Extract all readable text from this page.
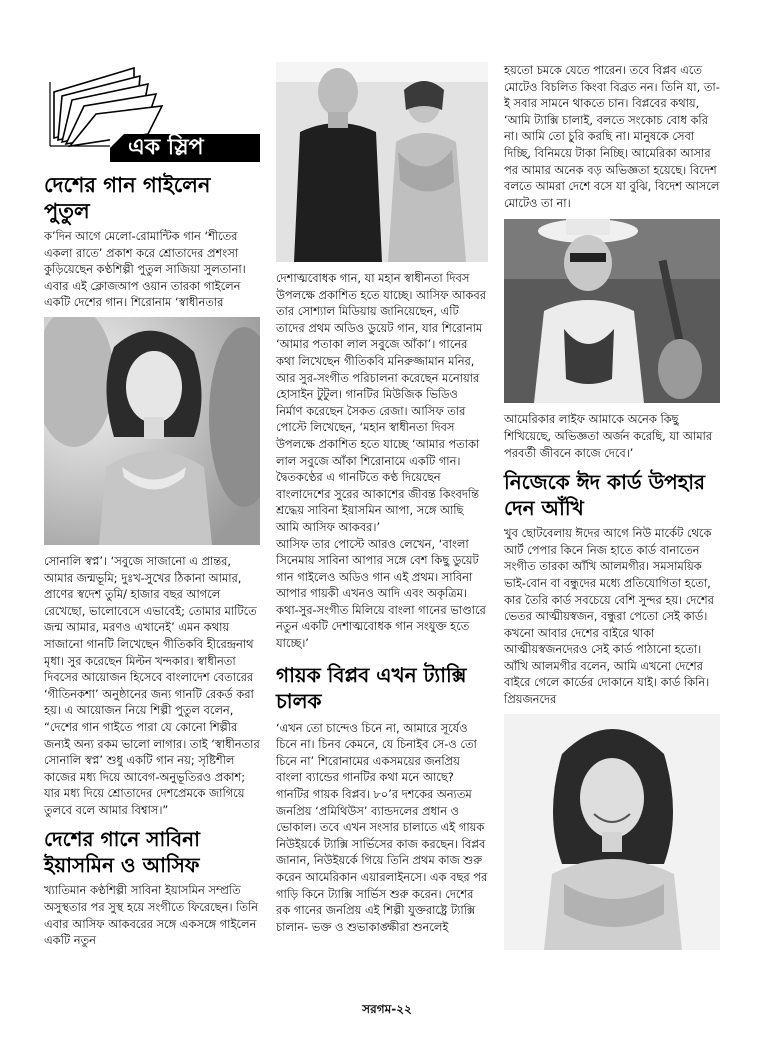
এক স্লিপ
দেশের গান গাইলেন পুতুল

ক’দিন আগে মেলো-রোমান্টিক গান ‘শীতের একলা রাতে’ প্রকাশ করে শ্রোতাদের প্রশংসা কুড়িয়েছেন কণ্ঠশিল্পী পুতুল সাজিয়া সুলতানা। এবার এই ক্লোজআপ ওয়ান তারকা গাইলেন একটি দেশের গান। শিরোনাম ‘স্বাধীনতার

সোনালি স্বপ্ন’। ‘সবুজে সাজানো এ প্রান্তর, আমার জন্মভূমি; দুঃখ-সুখের ঠিকানা আমার, প্রাণের স্বদেশ তুমি/ হাজার বছর আগলে রেখেছো, ভালোবেসে এভাবেই; তোমার মাটিতে জন্ম আমার, মরণও এখানেই’ এমন কথায় সাজানো গানটি লিখেছেন গীতিকবি হীরেন্দ্রনাথ মৃধা। সুর করেছেন মিল্টন খন্দকার। স্বাধীনতা দিবসের আয়োজন হিসেবে বাংলাদেশ বেতারের ‘গীতিনকশা’ অনুষ্ঠানের জন্য গানটি রেকর্ড করা হয়। এ আয়োজন নিয়ে শিল্পী পুতুল বলেন, “দেশের গান গাইতে পারা যে কোনো শিল্পীর জন্যই অন্য রকম ভালো লাগার। তাই ‘স্বাধীনতার সোনালি স্বপ্ন’ শুধু একটি গান নয়; সৃষ্টিশীল কাজের মধ্য দিয়ে আবেগ-অনুভূতিরও প্রকাশ; যার মধ্য দিয়ে শ্রোতাদের দেশপ্রেমকে জাগিয়ে তুলবে বলে আমার বিশ্বাস।”

দেশের গানে সাবিনা ইয়াসমিন ও আসিফ

খ্যাতিমান কণ্ঠশিল্পী সাবিনা ইয়াসমিন সম্প্রতি অসুস্থতার পর সুস্থ হয়ে সংগীতে ফিরেছেন। তিনি এবার আসিফ আকবরের সঙ্গে একসঙ্গে গাইলেন একটি নতুন

দেশাত্মবোধক গান, যা মহান স্বাধীনতা দিবস উপলক্ষে প্রকাশিত হতে যাচ্ছে। আসিফ আকবর তার সোশ্যাল মিডিয়ায় জানিয়েছেন, এটি তাদের প্রথম অডিও ডুয়েট গান, যার শিরোনাম ‘আমার পতাকা লাল সবুজে আঁকা’। গানের কথা লিখেছেন গীতিকবি মনিরুজ্জামান মনির, আর সুর-সংগীত পরিচালনা করেছেন মনোয়ার হোসাইন টুটুল। গানটির মিউজিক ভিডিও নির্মাণ করেছেন সৈকত রেজা। আসিফ তার পোস্টে লিখেছেন, ‘মহান স্বাধীনতা দিবস উপলক্ষে প্রকাশিত হতে যাচ্ছে ‘আমার পতাকা লাল সবুজে আঁকা শিরোনামে একটি গান। দ্বৈতকণ্ঠের এ গানটিতে কণ্ঠ দিয়েছেন বাংলাদেশের সুরের আকাশের জীবন্ত কিংবদন্তি শ্রদ্ধেয় সাবিনা ইয়াসমিন আপা, সঙ্গে আছি আমি আসিফ আকবর।’

আসিফ তার পোস্টে আরও লেখেন, ‘বাংলা সিনেমায় সাবিনা আপার সঙ্গে বেশ কিছু ডুয়েট গান গাইলেও অডিও গান এই প্রথম। সাবিনা আপার গায়কী এখনও আদি এবং অকৃত্রিম। কথা-সুর-সংগীত মিলিয়ে বাংলা গানের ভাণ্ডারে নতুন একটি দেশাত্মবোধক গান সংযুক্ত হতে যাচ্ছে।’

গায়ক বিপ্লব এখন ট্যাক্সি চালক

‘এখন তো চান্দেও চিনে না, আমারে সূর্যেও চিনে না। চিনব কেমনে, যে চিনাইব সে-ও তো চিনে না’ শিরোনামের একসময়ের জনপ্রিয় বাংলা ব্যান্ডের গানটির কথা মনে আছে? গানটির গায়ক বিপ্লব। ৮০’র দশকের অন্যতম জনপ্রিয় ‘প্রমিথিউস’ ব্যান্ডদলের প্রধান ও ভোকাল। তবে এখন সংসার চালাতে এই গায়ক নিউইয়র্কে ট্যাক্সি সার্ভিসের কাজ করছেন। বিপ্লব জানান, নিউইয়র্কে গিয়ে তিনি প্রথম কাজ শুরু করেন আমেরিকান এয়ারলাইনসে। এক বছর পর গাড়ি কিনে ট্যাক্সি সার্ভিস শুরু করেন। দেশের রক গানের জনপ্রিয় এই শিল্পী যুক্তরাষ্ট্রে ট্যাক্সি চালান- ভক্ত ও শুভাকাঙ্ক্ষীরা শুনলেই

হয়তো চমকে যেতে পারেন। তবে বিপ্লব এতে মোটেও বিচলিত কিংবা বিব্রত নন। তিনি যা, তা-ই সবার সামনে থাকতে চান। বিপ্লবের কথায়, ‘আমি ট্যাক্সি চালাই, বলতে সংকোচ বোধ করি না। আমি তো চুরি করছি না। মানুষকে সেবা দিচ্ছি, বিনিময়ে টাকা নিচ্ছি। আমেরিকা আসার পর আমার অনেক বড় অভিজ্ঞতা হয়েছে। বিদেশ বলতে আমরা দেশে বসে যা বুঝি, বিদেশ আসলে মোটেও তা না।

আমেরিকার লাইফ আমাকে অনেক কিছু শিখিয়েছে, অভিজ্ঞতা অর্জন করেছি, যা আমার পরবর্তী জীবনে কাজে দেবে।’

নিজেকে ঈদ কার্ড উপহার দেন আঁখি

খুব ছোটবেলায় ঈদের আগে নিউ মার্কেট থেকে আর্ট পেপার কিনে নিজ হাতে কার্ড বানাতেন সংগীত তারকা আঁখি আলমগীর। সমসাময়িক ভাই-বোন বা বন্ধুদের মধ্যে প্রতিযোগিতা হতো, কার তৈরি কার্ড সবচেয়ে বেশি সুন্দর হয়। দেশের ভেতর আত্মীয়স্বজন, বন্ধুরা পেতো সেই কার্ড। কখনো আবার দেশের বাইরে থাকা আত্মীয়স্বজনদেরও সেই কার্ড পাঠানো হতো। আঁখি আলমগীর বলেন, আমি এখনো দেশের বাইরে গেলে কার্ডের দোকানে যাই। কার্ড কিনি। প্রিয়জনদের

সরগম-২২
